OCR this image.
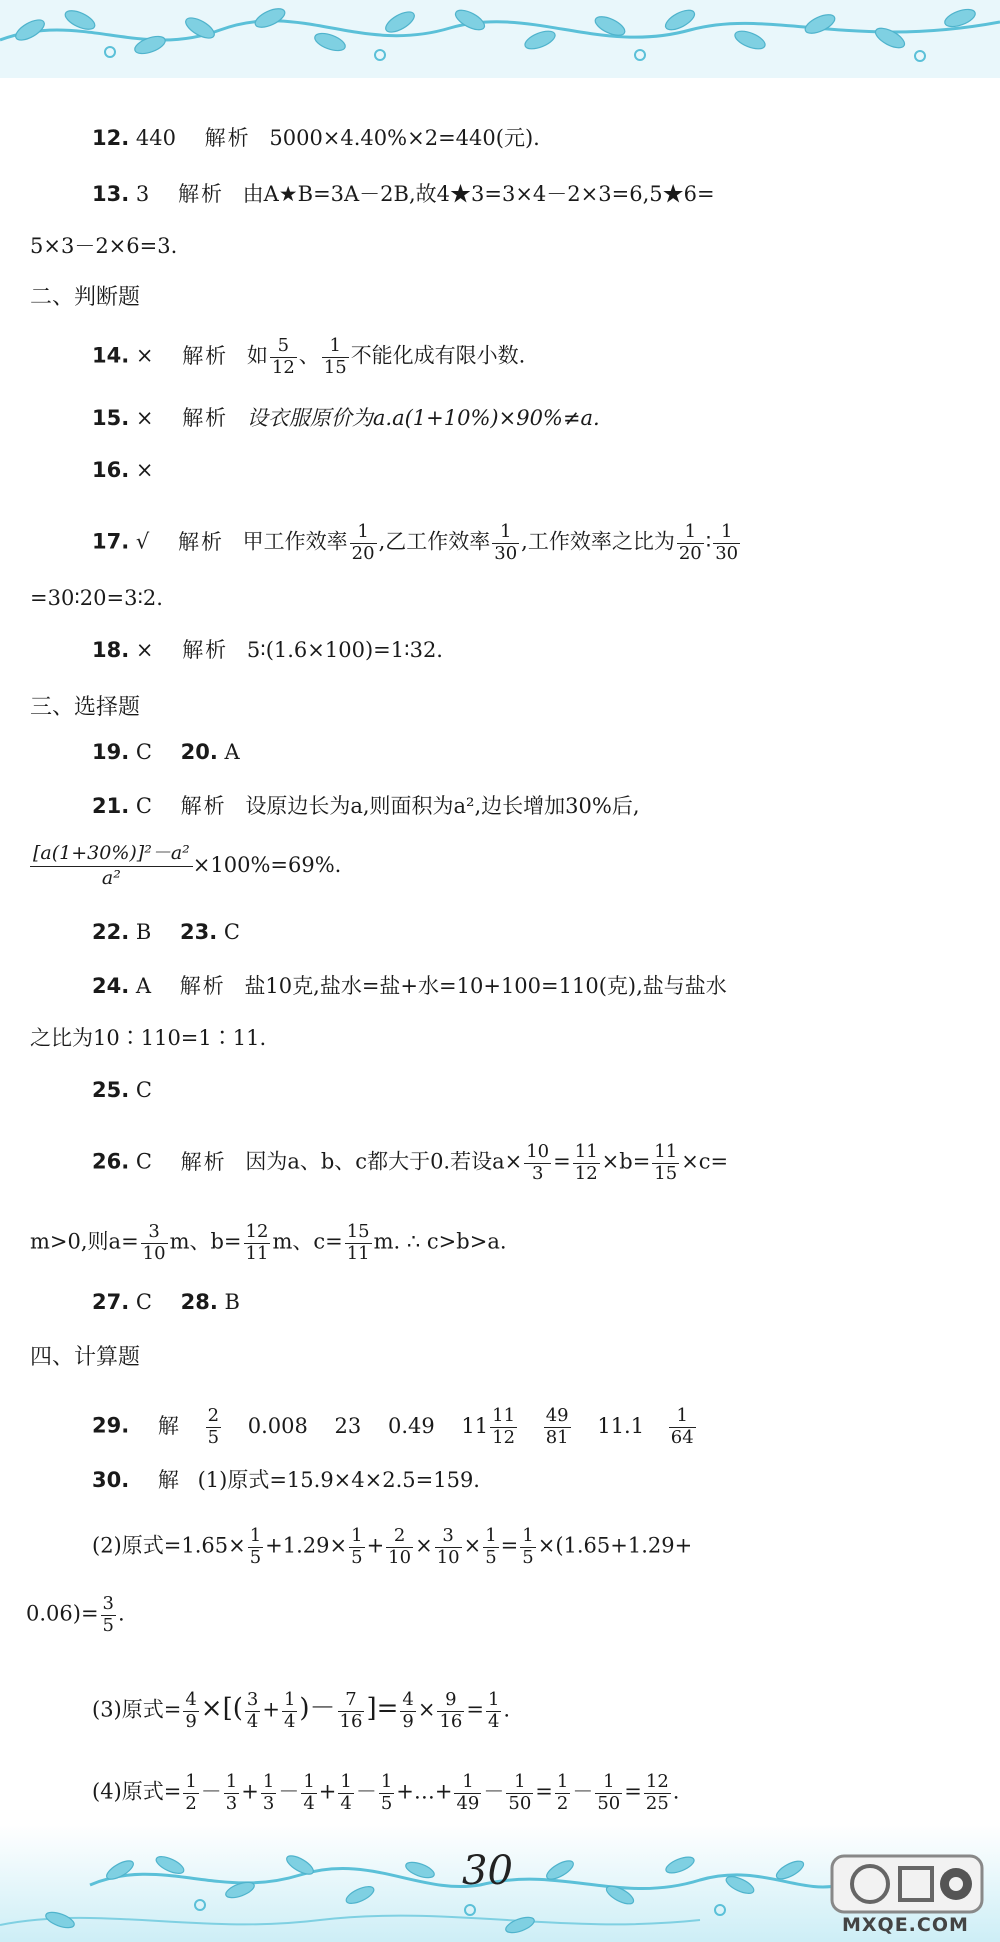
12. 440 解析 5000×4.40%×2=440(元).
13. 3 解析 由A★B=3A－2B,故4★3=3×4－2×3=6,5★6=
5×3－2×6=3.
二、判断题
14. × 解析 如 $\frac{5}{12}$ 、 $\frac{1}{15}$ 不能化成有限小数.
15. × 解析 设衣服原价为a.a(1+10%)×90%≠a.
16. ×
17. √ 解析 甲工作效率 $\frac{1}{20}$ ,乙工作效率 $\frac{1}{30}$ ,工作效率之比为 $\frac{1}{20}$ ∶ $\frac{1}{30}$
=30∶20=3∶2.
18. × 解析 5∶(1.6×100)=1∶32.
三、选择题
19. C 20. A
21. C 解析 设原边长为a,则面积为a²,边长增加30%后,
$\frac{\text{[a(1+30\%)]²－a²}}{\text{a²}} \times 100\%=69\%$.
22. B 23. C
24. A 解析 盐10克,盐水=盐+水=10+100=110(克),盐与盐水
之比为10∶110=1∶11.
25. C
26. C 解析 因为a、b、c都大于0.若设$a\times \frac{10}{3} = \frac{11}{12} \times b= \frac{11}{15} \times c=$
m>0,则$a= \frac{3}{10}$ m、$b= \frac{12}{11}$ m、$c= \frac{15}{11} m$. ∴ c>b>a.
27. C 28. B
四、计算题
29. 解 $\frac{2}{5} 0.008$ 23 0.49 $11 \frac{11}{12}$
$\frac{49}{81} 11.1 \frac{1}{64}$
30. 解 (1)原式=15.9×4×2.5=159.
(2)原式$=1.65\times \frac{1}{5} +1.29\times \frac{1}{5} + \frac{2}{10} \times \frac{3}{10} \times \frac{1}{5} = \frac{1}{5} \times(1.65+1.29+$
$0.06)= \frac{3}{5}$ .
(3)原式= $\frac{4}{9}$ ×[( $\frac{3}{4} + \frac{1}{4}$ )－ $\frac{7}{16}$ ]= $\frac{4}{9} \times \frac{9}{16} = \frac{1}{4}$ .
(4)原式= $\frac{1}{2} - \frac{1}{3} + \frac{1}{3} - \frac{1}{4} + \frac{1}{4} - \frac{1}{5}$ +…+ $\frac{1}{49} - \frac{1}{50} = \frac{1}{2} - \frac{1}{50} = \frac{12}{25}$ .
30
MXQE.COM
